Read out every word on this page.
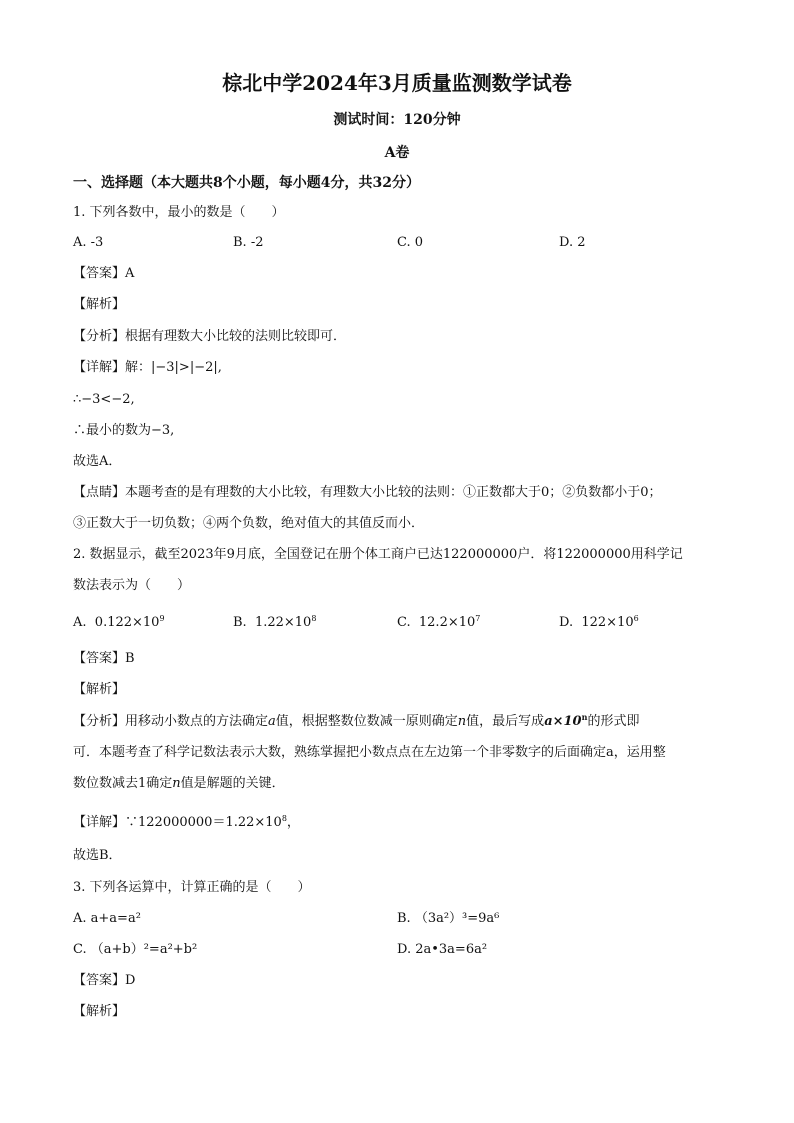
棕北中学2024年3月质量监测数学试卷
测试时间：120分钟
A卷
一、选择题（本大题共8个小题，每小题4分，共32分）
1. 下列各数中，最小的数是（　　）
A. -3	B. -2	C. 0	D. 2
【答案】A
【解析】
【分析】根据有理数大小比较的法则比较即可．
【详解】解：|−3|>|−2|,
∴−3<−2,
∴最小的数为−3,
故选A．
【点睛】本题考查的是有理数的大小比较，有理数大小比较的法则：①正数都大于0；②负数都小于0；
③正数大于一切负数；④两个负数，绝对值大的其值反而小．
2. 数据显示，截至2023年9月底，全国登记在册个体工商户已达122000000户．将122000000用科学记
数法表示为（　　）
A. $0.122\times 10^9$	B. $1.22\times 10^8$	C. $12.2\times 10^7$	D. $122\times 10^6$
【答案】B
【解析】
【分析】用移动小数点的方法确定a值，根据整数位数减一原则确定n值，最后写成$a\times 10^n$的形式即
可．本题考查了科学记数法表示大数，熟练掌握把小数点点在左边第一个非零数字的后面确定a，运用整
数位数减去1确定n值是解题的关键．
【详解】$\because 122000000=1.22\times 10^8$，
故选B．
3. 下列各运算中，计算正确的是（　　）
A. a+a=a²	B. （3a²）³=9a⁶
C. （a+b）²=a²+b²	D. 2a•3a=6a²
【答案】D
【解析】
